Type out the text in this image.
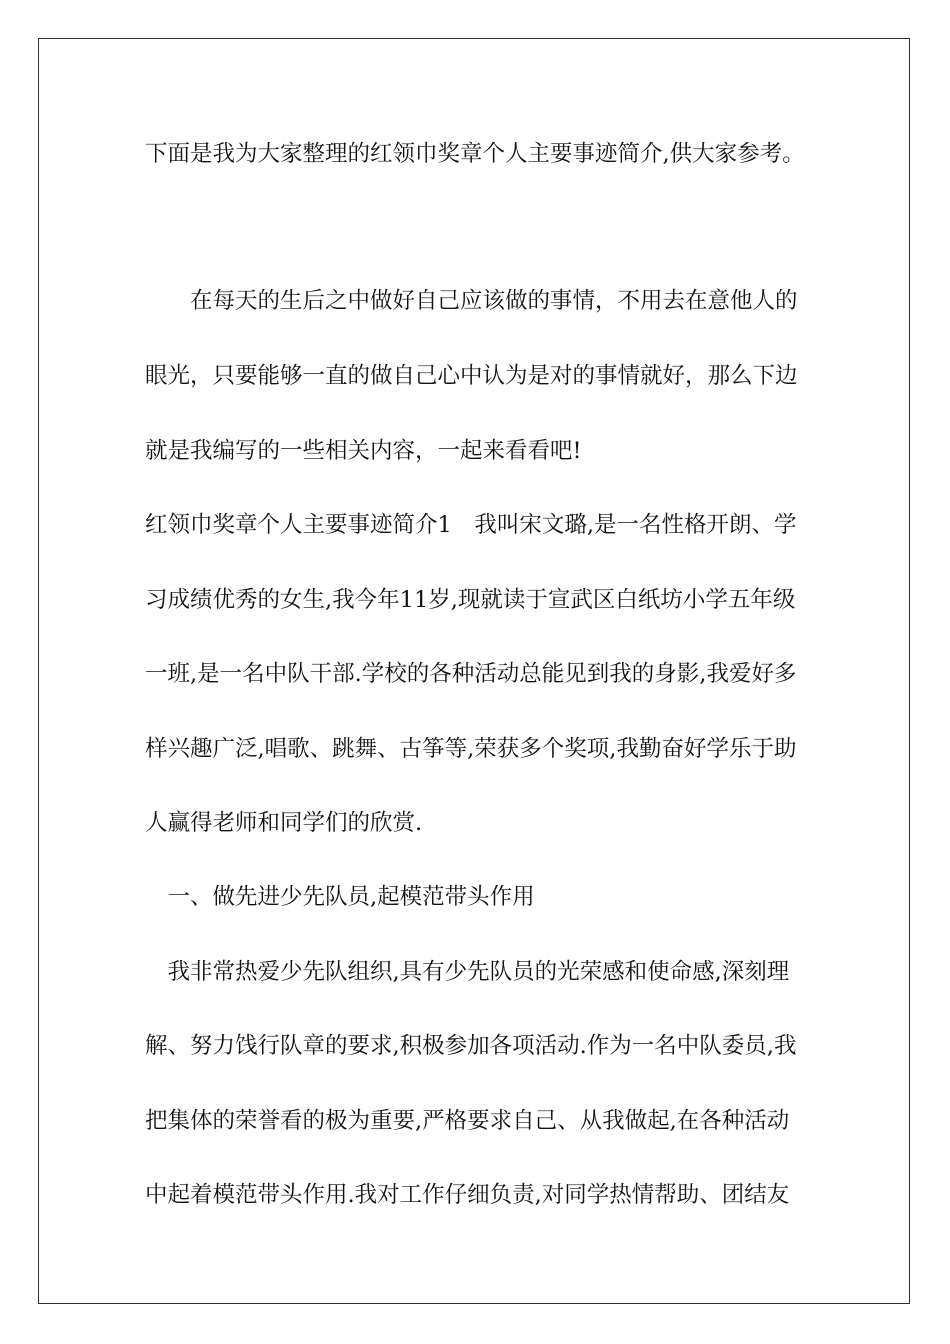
下面是我为大家整理的红领巾奖章个人主要事迹简介,供大家参考。
　　在每天的生后之中做好自己应该做的事情，不用去在意他人的
眼光，只要能够一直的做自己心中认为是对的事情就好，那么下边
就是我编写的一些相关内容，一起来看看吧!
红领巾奖章个人主要事迹简介1　我叫宋文璐,是一名性格开朗、学
习成绩优秀的女生,我今年11岁,现就读于宣武区白纸坊小学五年级
一班,是一名中队干部.学校的各种活动总能见到我的身影,我爱好多
样兴趣广泛,唱歌、跳舞、古筝等,荣获多个奖项,我勤奋好学乐于助
人赢得老师和同学们的欣赏.
　一、做先进少先队员,起模范带头作用
　我非常热爱少先队组织,具有少先队员的光荣感和使命感,深刻理
解、努力饯行队章的要求,积极参加各项活动.作为一名中队委员,我
把集体的荣誉看的极为重要,严格要求自己、从我做起,在各种活动
中起着模范带头作用.我对工作仔细负责,对同学热情帮助、团结友
